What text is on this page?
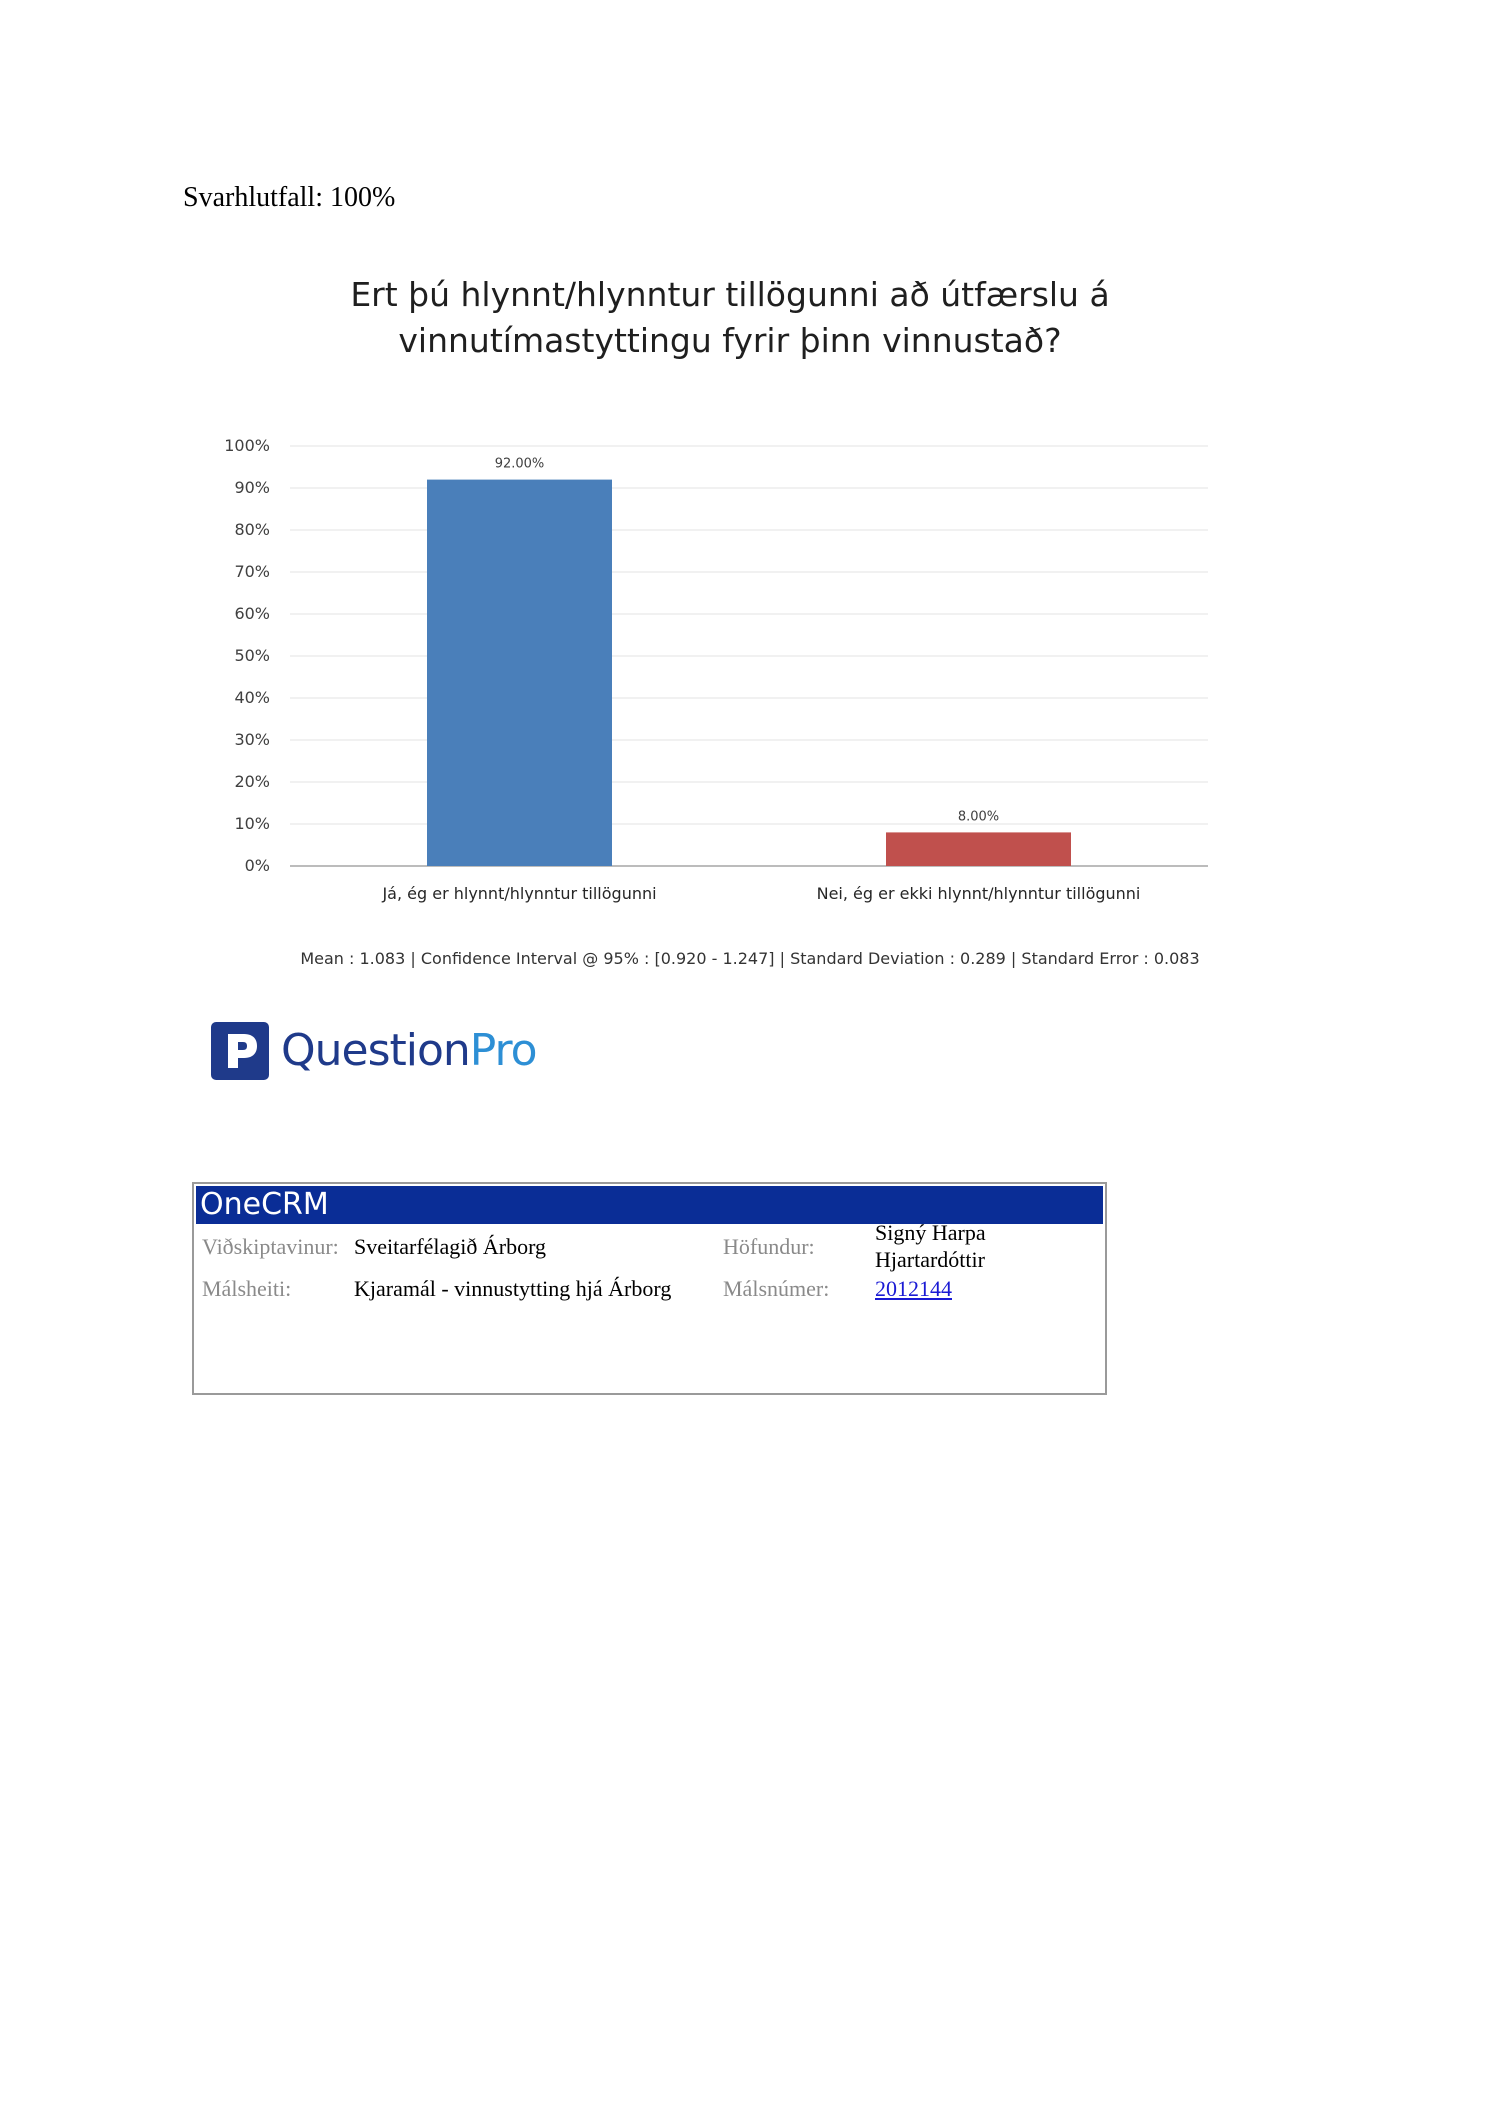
Svarhlutfall: 100%
Ert þú hlynnt/hlynntur tillögunni að útfærslu á
vinnutímastyttingu fyrir þinn vinnustað?
0%
10%
20%
30%
40%
50%
60%
70%
80%
90%
100%
92.00%
Já, ég er hlynnt/hlynntur tillögunni
8.00%
Nei, ég er ekki hlynnt/hlynntur tillögunni
Mean : 1.083 | Confidence Interval @ 95% : [0.920 - 1.247] | Standard Deviation : 0.289 | Standard Error : 0.083
QuestionPro
OneCRM
Viðskiptavinur: Sveitarfélagið Árborg	Höfundur:
Signý Harpa
Hjartardóttir
Málsheiti:	Kjaramál - vinnustytting hjá Árborg Málsnúmer: 2012144
